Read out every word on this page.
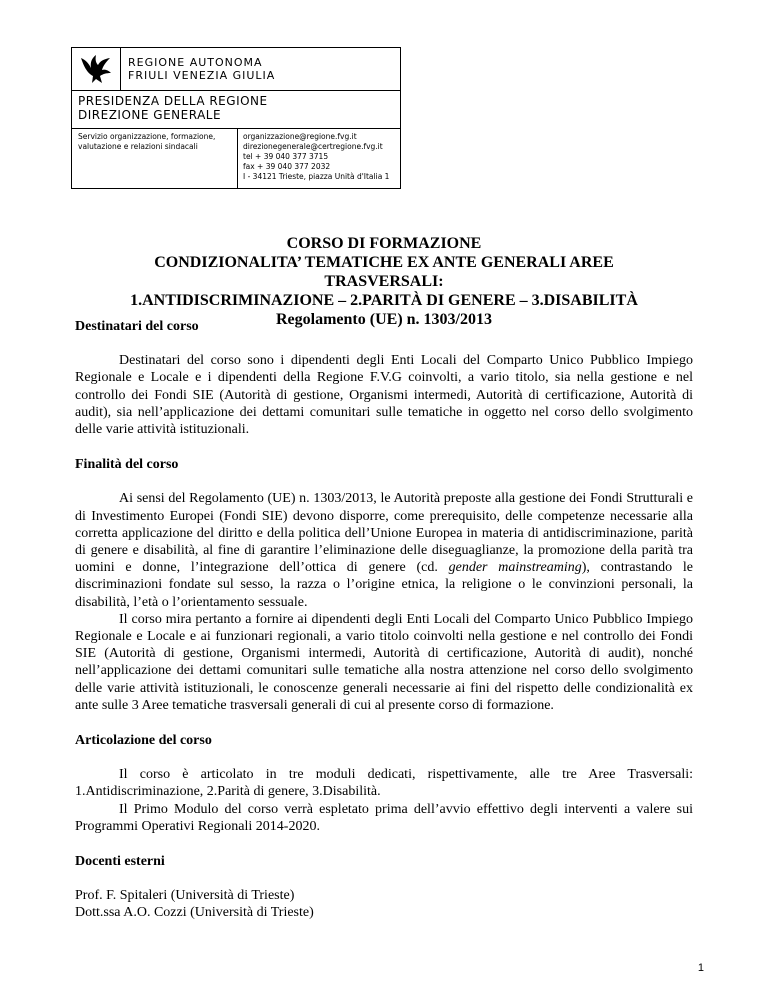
REGIONE AUTONOMA
FRIULI VENEZIA GIULIA
PRESIDENZA DELLA REGIONE
DIREZIONE GENERALE
Servizio organizzazione, formazione,
valutazione e relazioni sindacali
organizzazione@regione.fvg.it
direzionegenerale@certregione.fvg.it
tel + 39 040 377 3715
fax + 39 040 377 2032
I - 34121 Trieste, piazza Unità d'Italia 1
CORSO DI FORMAZIONE
CONDIZIONALITA’ TEMATICHE EX ANTE GENERALI AREE
TRASVERSALI:
1.ANTIDISCRIMINAZIONE – 2.PARITÀ DI GENERE – 3.DISABILITÀ
Regolamento (UE) n. 1303/2013

Destinatari del corso

Destinatari del corso sono i dipendenti degli Enti Locali del Comparto Unico Pubblico Impiego Regionale e Locale e i dipendenti della Regione F.V.G coinvolti, a vario titolo, sia nella gestione e nel controllo dei Fondi SIE (Autorità di gestione, Organismi intermedi, Autorità di certificazione, Autorità di audit), sia nell’applicazione dei dettami comunitari sulle tematiche in oggetto nel corso dello svolgimento delle varie attività istituzionali.

Finalità del corso

Ai sensi del Regolamento (UE) n. 1303/2013, le Autorità preposte alla gestione dei Fondi Strutturali e di Investimento Europei (Fondi SIE) devono disporre, come prerequisito, delle competenze necessarie alla corretta applicazione del diritto e della politica dell’Unione Europea in materia di antidiscriminazione, parità di genere e disabilità, al fine di garantire l’eliminazione delle diseguaglianze, la promozione della parità tra uomini e donne, l’integrazione dell’ottica di genere (cd. gender mainstreaming), contrastando le discriminazioni fondate sul sesso, la razza o l’origine etnica, la religione o le convinzioni personali, la disabilità, l’età o l’orientamento sessuale.

Il corso mira pertanto a fornire ai dipendenti degli Enti Locali del Comparto Unico Pubblico Impiego Regionale e Locale e ai funzionari regionali, a vario titolo coinvolti nella gestione e nel controllo dei Fondi SIE (Autorità di gestione, Organismi intermedi, Autorità di certificazione, Autorità di audit), nonché nell’applicazione dei dettami comunitari sulle tematiche alla nostra attenzione nel corso dello svolgimento delle varie attività istituzionali, le conoscenze generali necessarie ai fini del rispetto delle condizionalità ex ante sulle 3 Aree tematiche trasversali generali di cui al presente corso di formazione.

Articolazione del corso

Il corso è articolato in tre moduli dedicati, rispettivamente, alle tre Aree Trasversali: 1.Antidiscriminazione, 2.Parità di genere, 3.Disabilità.

Il Primo Modulo del corso verrà espletato prima dell’avvio effettivo degli interventi a valere sui Programmi Operativi Regionali 2014-2020.

Docenti esterni

Prof. F. Spitaleri (Università di Trieste)

Dott.ssa A.O. Cozzi (Università di Trieste)

1
